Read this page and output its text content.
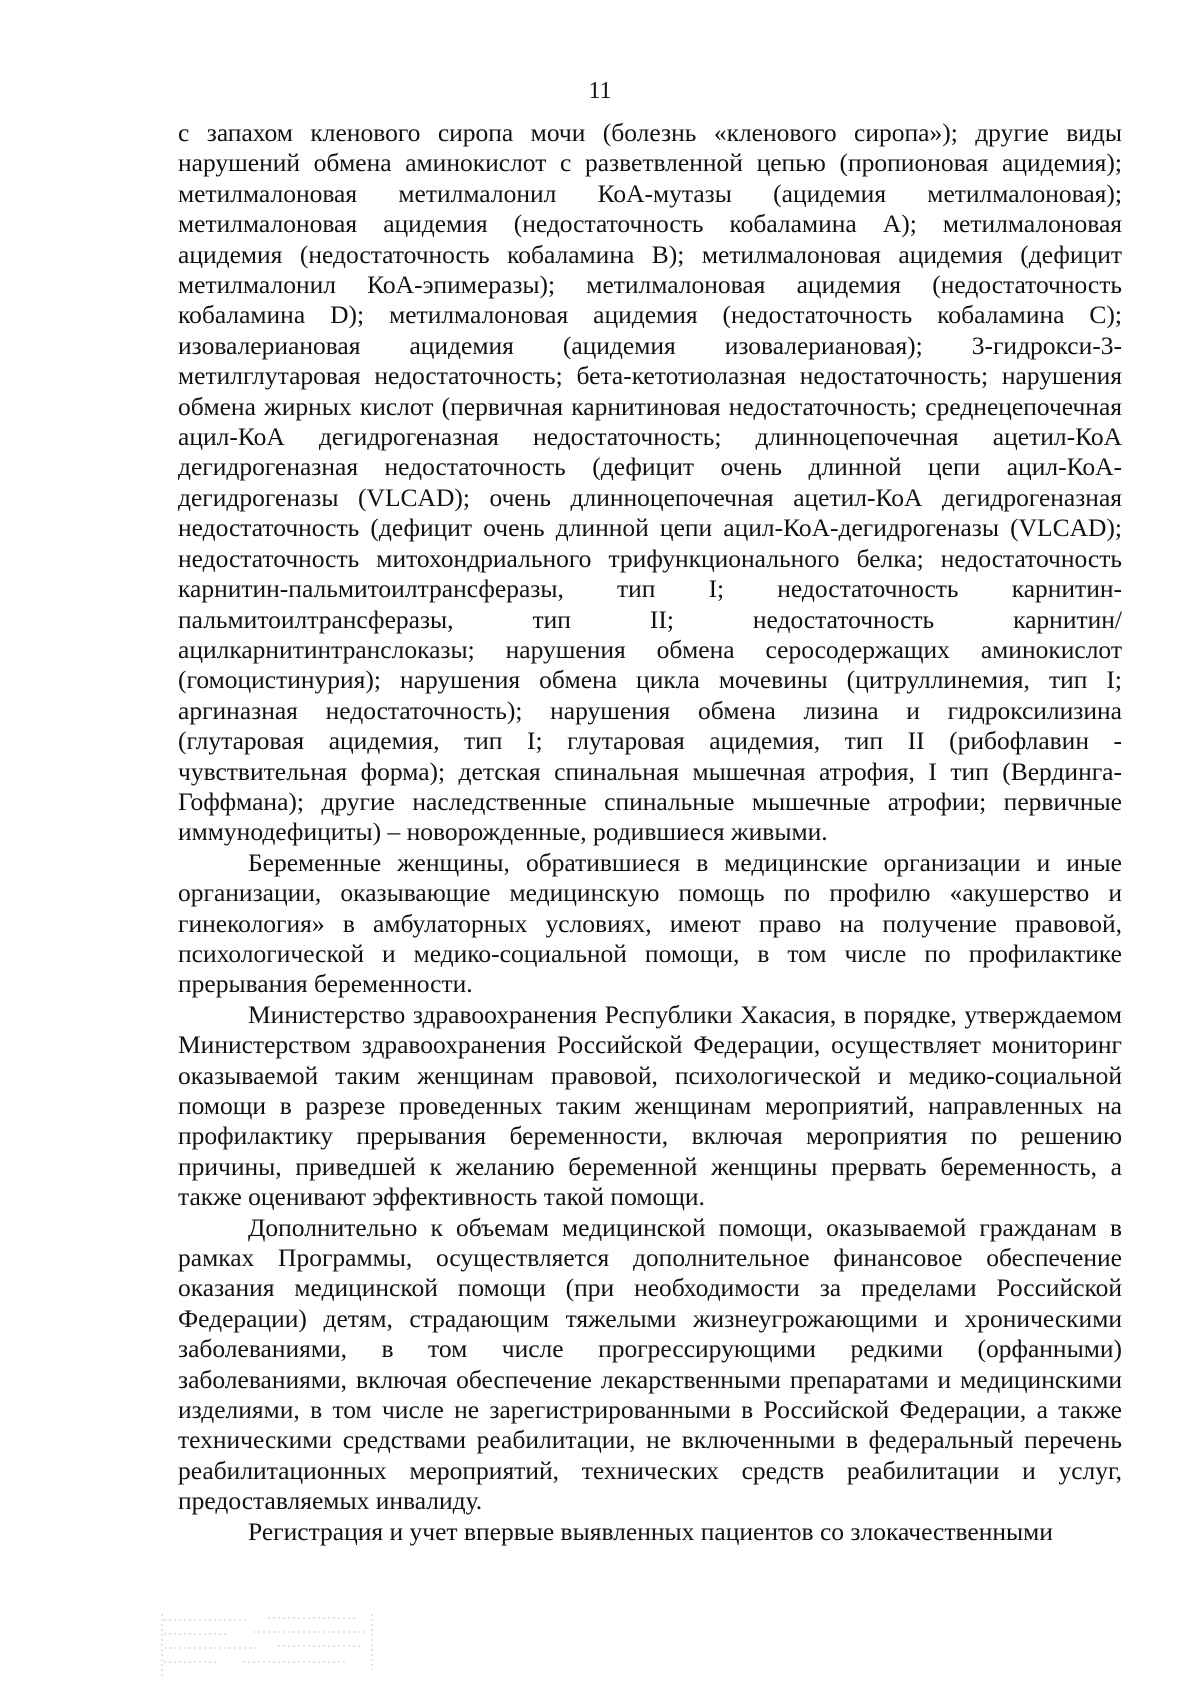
11

с запахом кленового сиропа мочи (болезнь «кленового сиропа»); другие виды нарушений обмена аминокислот с разветвленной цепью (пропионовая ацидемия); метилмалоновая метилмалонил КоА-мутазы (ацидемия метилмалоновая); метилмалоновая ацидемия (недостаточность кобаламина А); метилмалоновая ацидемия (недостаточность кобаламина В); метилмалоновая ацидемия (дефицит метилмалонил КоА-эпимеразы); метилмалоновая ацидемия (недостаточность кобаламина D); метилмалоновая ацидемия (недостаточность кобаламина С); изовалериановая ацидемия (ацидемия изовалериановая); 3-гидрокси-3-метилглутаровая недостаточность; бета-кетотиолазная недостаточность; нарушения обмена жирных кислот (первичная карнитиновая недостаточность; среднецепочечная ацил-КоА дегидрогеназная недостаточность; длинноцепочечная ацетил-КоА дегидрогеназная недостаточность (дефицит очень длинной цепи ацил-КоА-дегидрогеназы (VLCAD); очень длинноцепочечная ацетил-КоА дегидрогеназная недостаточность (дефицит очень длинной цепи ацил-КоА-дегидрогеназы (VLCAD); недостаточность митохондриального трифункционального белка; недостаточность карнитин-пальмитоилтрансферазы, тип I; недостаточность карнитин-пальмитоилтрансферазы, тип II; недостаточность карнитин/ацилкарнитинтранслоказы; нарушения обмена серосодержащих аминокислот (гомоцистинурия); нарушения обмена цикла мочевины (цитруллинемия, тип I; аргиназная недостаточность); нарушения обмена лизина и гидроксилизина (глутаровая ацидемия, тип I; глутаровая ацидемия, тип II (рибофлавин - чувствительная форма); детская спинальная мышечная атрофия, I тип (Вердинга-Гоффмана); другие наследственные спинальные мышечные атрофии; первичные иммунодефициты) – новорожденные, родившиеся живыми.

Беременные женщины, обратившиеся в медицинские организации и иные организации, оказывающие медицинскую помощь по профилю «акушерство и гинекология» в амбулаторных условиях, имеют право на получение правовой, психологической и медико-социальной помощи, в том числе по профилактике прерывания беременности.

Министерство здравоохранения Республики Хакасия, в порядке, утверждаемом Министерством здравоохранения Российской Федерации, осуществляет мониторинг оказываемой таким женщинам правовой, психологической и медико-социальной помощи в разрезе проведенных таким женщинам мероприятий, направленных на профилактику прерывания беременности, включая мероприятия по решению причины, приведшей к желанию беременной женщины прервать беременность, а также оценивают эффективность такой помощи.

Дополнительно к объемам медицинской помощи, оказываемой гражданам в рамках Программы, осуществляется дополнительное финансовое обеспечение оказания медицинской помощи (при необходимости за пределами Российской Федерации) детям, страдающим тяжелыми жизнеугрожающими и хроническими заболеваниями, в том числе прогрессирующими редкими (орфанными) заболеваниями, включая обеспечение лекарственными препаратами и медицинскими изделиями, в том числе не зарегистрированными в Российской Федерации, а также техническими средствами реабилитации, не включенными в федеральный перечень реабилитационных мероприятий, технических средств реабилитации и услуг, предоставляемых инвалиду.

Регистрация и учет впервые выявленных пациентов со злокачественными
